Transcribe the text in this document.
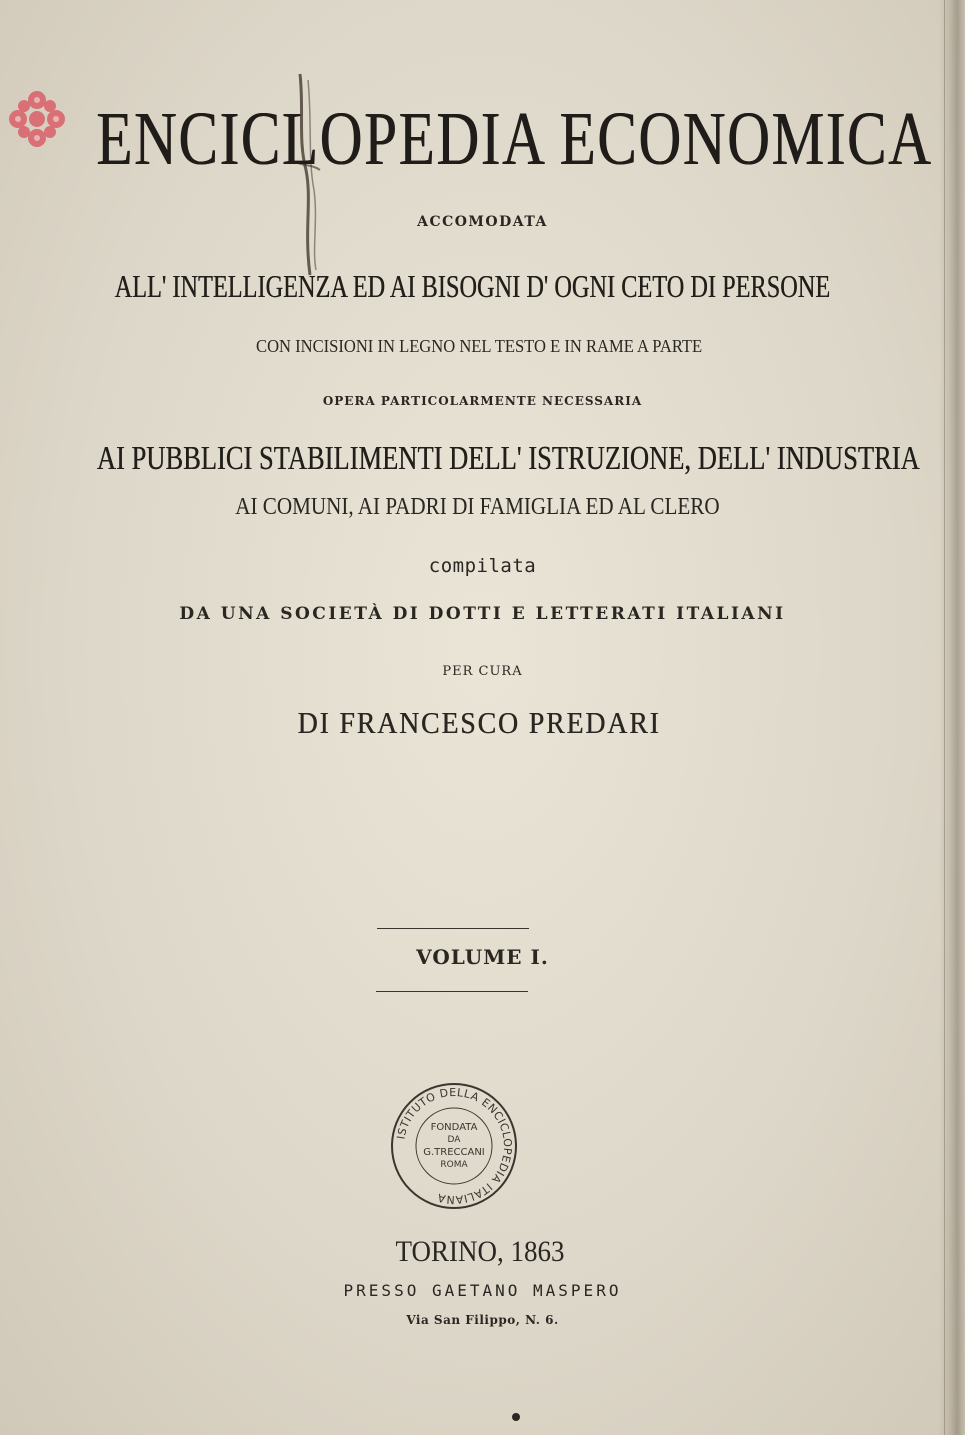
ENCICLOPEDIA ECONOMICA
ACCOMODATA
ALL' INTELLIGENZA ED AI BISOGNI D' OGNI CETO DI PERSONE
CON INCISIONI IN LEGNO NEL TESTO E IN RAME A PARTE
OPERA PARTICOLARMENTE NECESSARIA
AI PUBBLICI STABILIMENTI DELL' ISTRUZIONE, DELL' INDUSTRIA
AI COMUNI, AI PADRI DI FAMIGLIA ED AL CLERO
compilata
DA UNA SOCIETÀ DI DOTTI E LETTERATI ITALIANI
PER CURA
DI FRANCESCO PREDARI
VOLUME I.
ISTITUTO DELLA ENCICLOPEDIA ITALIANA
FONDATA
DA
G.TRECCANI
ROMA
TORINO, 1863
PRESSO GAETANO MASPERO
Via San Filippo, N. 6.
